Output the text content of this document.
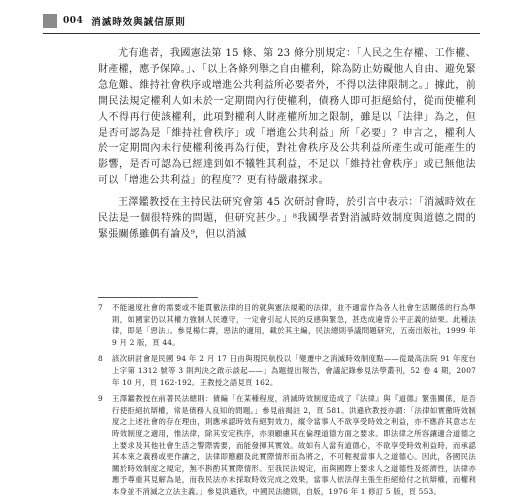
004 消滅時效與誠信原則

尤有進者，我國憲法第 15 條、第 23 條分別規定：「人民之生存權、工作權、財產權，應予保障。」、「以上各條列舉之自由權利，除為防止妨礙他人自由、避免緊急危難、維持社會秩序或增進公共利益所必要者外，不得以法律限制之。」據此，前開民法規定權利人如未於一定期間內行使權利，債務人即可拒絕給付，從而使權利人不得再行使該權利，此項對權利人財產權所加之限制，雖是以「法律」為之，但是否可認為是「維持社會秩序」或「增進公共利益」所「必要」？申言之，權利人於一定期間內未行使權利後再為行使，對社會秩序及公共利益所產生或可能產生的影響，是否可認為已經達到如不犧牲其利益，不足以「維持社會秩序」或已無他法可以「增進公共利益」的程度⁷？更有待嚴肅探求。

王澤鑑教授在主持民法研究會第 45 次研討會時，於引言中表示：「消滅時效在民法是一個很特殊的問題，但研究甚少。」⁸我國學者對消滅時效制度與道德之間的緊張關係雖偶有論及⁹，但以消滅

7	不能過度社會的需要或不能貫徹法律的目的就與憲法規範的法律，並不適當作為各人社會生活關係的行為準則，如國家仍以其權力強制人民遵守，一定會引起人民的反感與緊急，甚迭成違背公平正義的結果。此種法律，即是「惡法」。參見楊仁壽，惡法的適用，載於其主編，民法總則爭議問題研究，五南出版社，1999 年 9 月 2 版，頁 44。
8	該次研討會是民國 94 年 2 月 17 日由與現民航投以「變遷中之消滅時效制度點——從最高法院 91 年度台上字第 1312 號等 3 則判決之啟示談起——」為題提出報告，會議記錄參見法學叢刊，52 卷 4 期，2007 年 10 月，頁 162-192。王教授之語見頁 162。
9	王澤鑑教授在前著民法總則：債編「在某種程度，消滅時效制度造成了『法律』與『道德』緊張關係，是否行使拒絕抗辯權，常是債務人良知的問題。」參見前揭註 2，頁 581。洪遜欣教授亦謂：「法律如實徹時效制度之上述社會的存在理由，則應承認時效有絕對效力，縱令當事人不欲享受時效之利益，亦不應許其意志左時效制度之適用，惟法律，除其安定秩序，亦須顧慮其在倫理道德方面之要求。即法律之所容讓適合道德之上要求及其他社會生活之警際需要，而能發揮其實效。故如有人當有道德心，不欲享受時效利益時，而承認其本來之義務或更作讓之，法律即應顧及此實際情形而為將之，不可輕視當事人之道德心。因此，各國民法關於時效制度之規定，無不斟酌其實際情形。至我民法規定，而與國際上要求人之道德性及經濟性，法律亦應予尊重其見解為是，而我民法亦未採取時效完成之效果，當事人依法得主張生拒絕給付之抗辯權，而權利本身並不消滅之立法主義。」參見洪遜欣，中國民法總則，自版，1976 年 1 修訂 5 版，頁 553。
